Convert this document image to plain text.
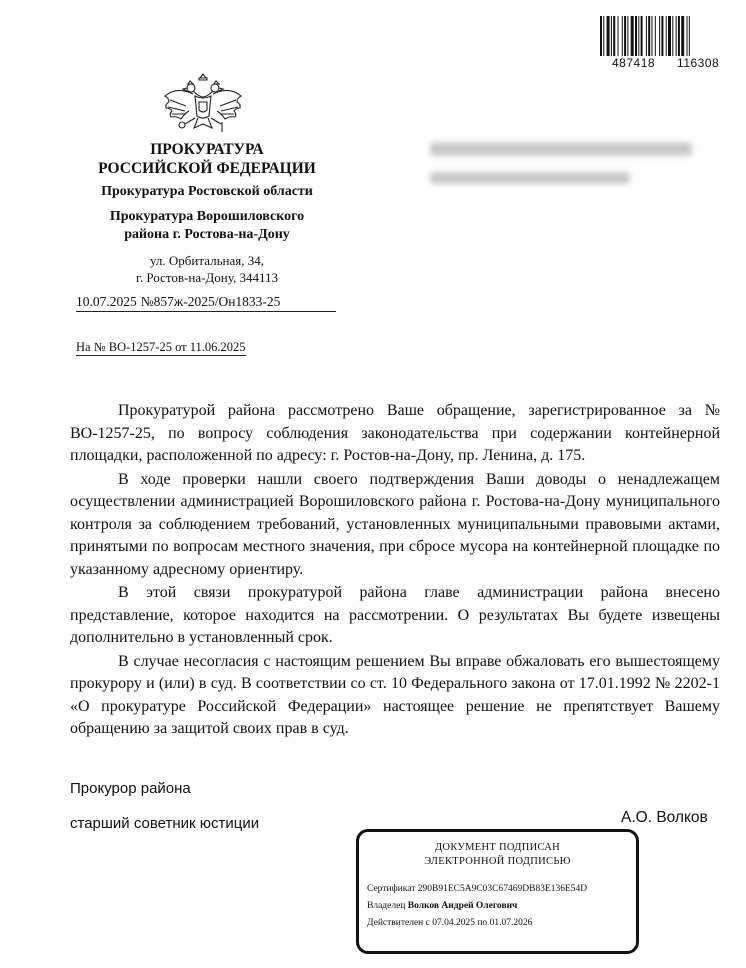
487418 116308
ПРОКУРАТУРА
РОССИЙСКОЙ ФЕДЕРАЦИИ
Прокуратура Ростовской области
Прокуратура Ворошиловского
района г. Ростова-на-Дону
ул. Орбитальная, 34,
г. Ростов-на-Дону, 344113
10.07.2025 №857ж-2025/Он1833-25
На № ВО-1257-25 от 11.06.2025

Прокуратурой района рассмотрено Ваше обращение, зарегистрированное за № ВО-1257-25, по вопросу соблюдения законодательства при содержании контейнерной площадки, расположенной по адресу: г. Ростов-на-Дону, пр. Ленина, д. 175.

В ходе проверки нашли своего подтверждения Ваши доводы о ненадлежащем осуществлении администрацией Ворошиловского района г. Ростова-на-Дону муниципального контроля за соблюдением требований, установленных муниципальными правовыми актами, принятыми по вопросам местного значения, при сбросе мусора на контейнерной площадке по указанному адресному ориентиру.

В этой связи прокуратурой района главе администрации района внесено представление, которое находится на рассмотрении. О результатах Вы будете извещены дополнительно в установленный срок.

В случае несогласия с настоящим решением Вы вправе обжаловать его вышестоящему прокурору и (или) в суд. В соответствии со ст. 10 Федерального закона от 17.01.1992 № 2202-1 «О прокуратуре Российской Федерации» настоящее решение не препятствует Вашему обращению за защитой своих прав в суд.

Прокурор района
старший советник юстиции	А.О. Волков
ДОКУМЕНТ ПОДПИСАН
ЭЛЕКТРОННОЙ ПОДПИСЬЮ
Сертификат 290B91EC5A9C03C67469DB83E136E54D
Владелец Волков Андрей Олегович
Действителен с 07.04.2025 по 01.07.2026
